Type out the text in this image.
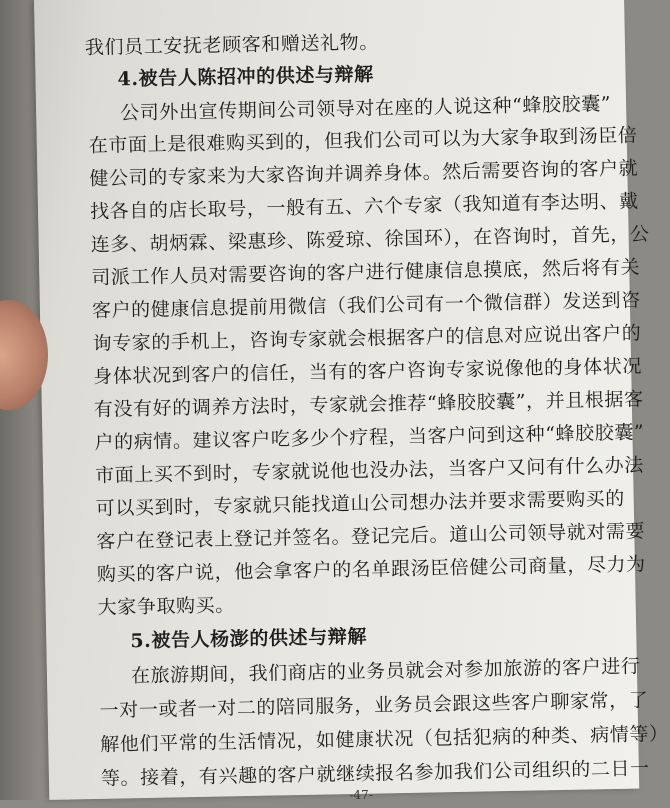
我们员工安抚老顾客和赠送礼物。
4.被告人陈招冲的供述与辩解
公司外出宣传期间公司领导对在座的人说这种“蜂胶胶囊”
在市面上是很难购买到的，但我们公司可以为大家争取到汤臣倍
健公司的专家来为大家咨询并调养身体。然后需要咨询的客户就
找各自的店长取号，一般有五、六个专家（我知道有李达明、戴
连多、胡炳霖、梁惠珍、陈爱琼、徐国环），在咨询时，首先，公
司派工作人员对需要咨询的客户进行健康信息摸底，然后将有关
客户的健康信息提前用微信（我们公司有一个微信群）发送到咨
询专家的手机上，咨询专家就会根据客户的信息对应说出客户的
身体状况到客户的信任，当有的客户咨询专家说像他的身体状况
有没有好的调养方法时，专家就会推荐“蜂胶胶囊”，并且根据客
户的病情。建议客户吃多少个疗程，当客户问到这种“蜂胶胶囊”
市面上买不到时，专家就说他也没办法，当客户又问有什么办法
可以买到时，专家就只能找道山公司想办法并要求需要购买的
客户在登记表上登记并签名。登记完后。道山公司领导就对需要
购买的客户说，他会拿客户的名单跟汤臣倍健公司商量，尽力为
大家争取购买。
5.被告人杨澎的供述与辩解
在旅游期间，我们商店的业务员就会对参加旅游的客户进行
一对一或者一对二的陪同服务，业务员会跟这些客户聊家常，了
解他们平常的生活情况，如健康状况（包括犯病的种类、病情等）
等。接着，有兴趣的客户就继续报名参加我们公司组织的二日一
-47-
